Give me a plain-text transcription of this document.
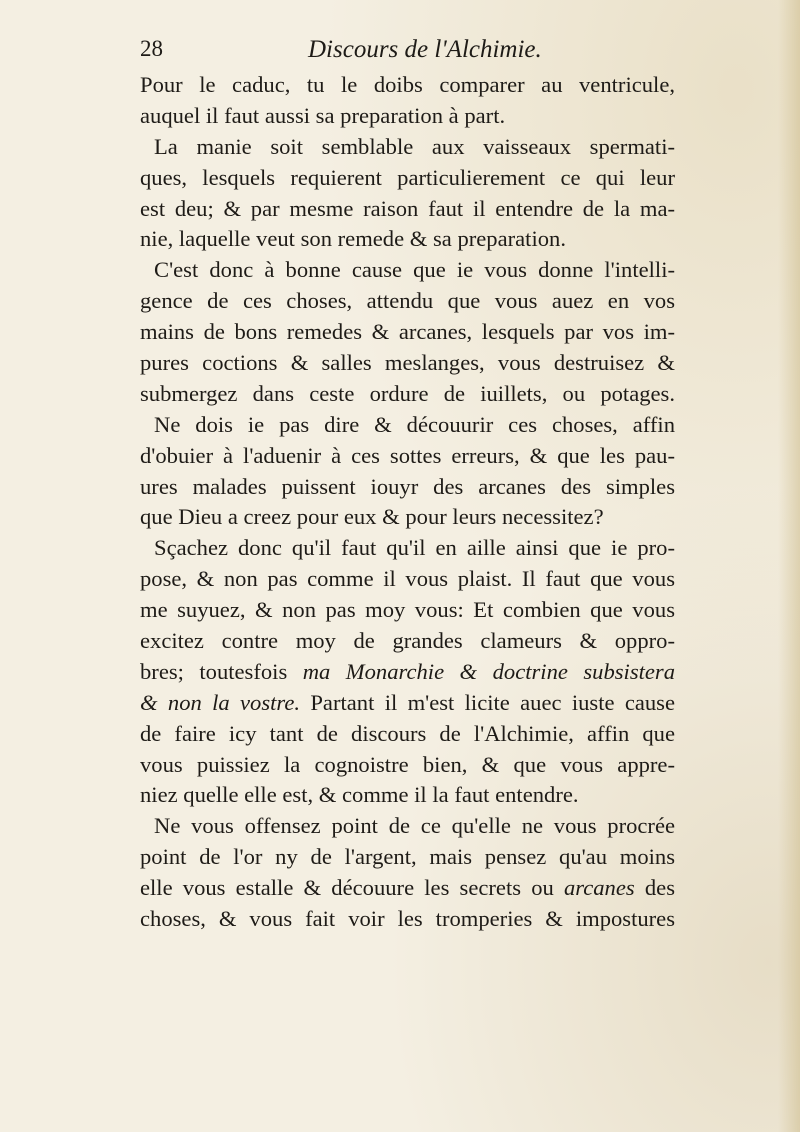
28	Discours de l'Alchimie.
Pour le caduc, tu le doibs comparer au ventricule,
auquel il faut aussi sa preparation à part.
La manie soit semblable aux vaisseaux spermati-
ques, lesquels requierent particulierement ce qui leur
est deu; & par mesme raison faut il entendre de la ma-
nie, laquelle veut son remede & sa preparation.
C'est donc à bonne cause que ie vous donne l'intelli-
gence de ces choses, attendu que vous auez en vos
mains de bons remedes & arcanes, lesquels par vos im-
pures coctions & salles meslanges, vous destruisez &
submergez dans ceste ordure de iuillets, ou potages.
Ne dois ie pas dire & découurir ces choses, affin
d'obuier à l'aduenir à ces sottes erreurs, & que les pau-
ures malades puissent iouyr des arcanes des simples
que Dieu a creez pour eux & pour leurs necessitez?
Sçachez donc qu'il faut qu'il en aille ainsi que ie pro-
pose, & non pas comme il vous plaist. Il faut que vous
me suyuez, & non pas moy vous: Et combien que vous
excitez contre moy de grandes clameurs & oppro-
bres; toutesfois ma Monarchie & doctrine subsistera
& non la vostre. Partant il m'est licite auec iuste cause
de faire icy tant de discours de l'Alchimie, affin que
vous puissiez la cognoistre bien, & que vous appre-
niez quelle elle est, & comme il la faut entendre.
Ne vous offensez point de ce qu'elle ne vous procrée
point de l'or ny de l'argent, mais pensez qu'au moins
elle vous estalle & découure les secrets ou arcanes des
choses, & vous fait voir les tromperies & impostures
